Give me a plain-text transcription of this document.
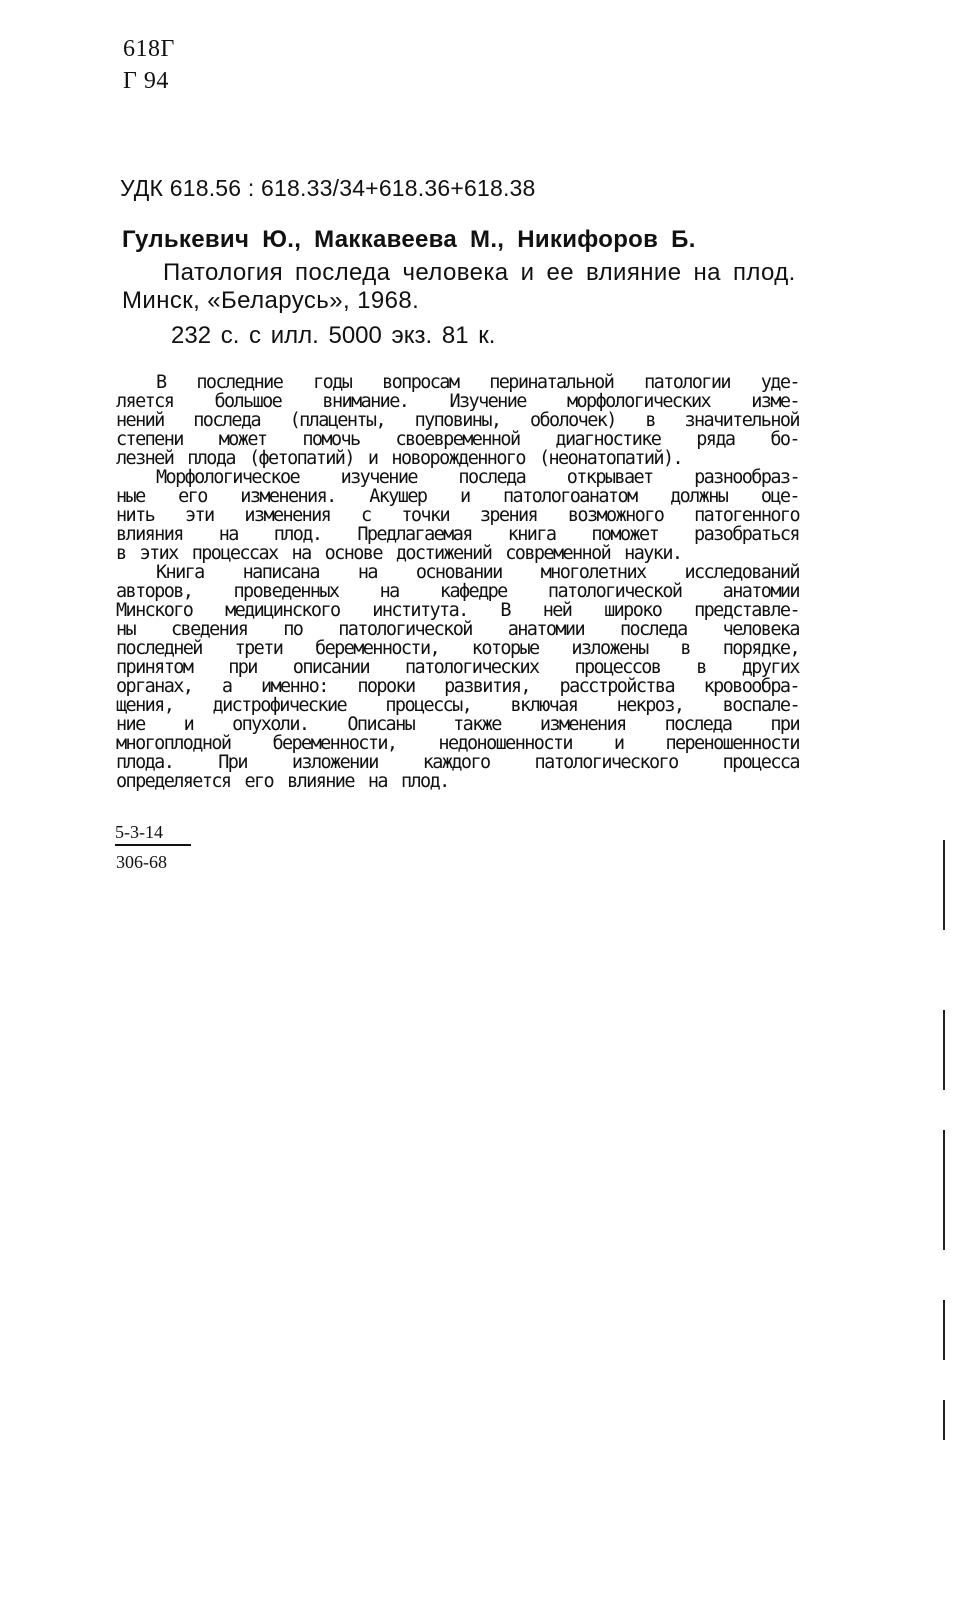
618Г
Г 94
УДК 618.56 : 618.33/34+618.36+618.38
Гулькевич Ю., Маккавеева М., Никифоров Б.
Патология последа человека и ее влияние на плод.
Минск, «Беларусь», 1968.
232 с. с илл. 5000 экз. 81 к.
В последние годы вопросам перинатальной патологии уде-
ляется большое внимание. Изучение морфологических изме-
нений последа (плаценты, пуповины, оболочек) в значительной
степени может помочь своевременной диагностике ряда бо-
лезней плода (фетопатий) и новорожденного (неонатопатий).
Морфологическое изучение последа открывает разнообраз-
ные его изменения. Акушер и патологоанатом должны оце-
нить эти изменения с точки зрения возможного патогенного
влияния на плод. Предлагаемая книга поможет разобраться
в этих процессах на основе достижений современной науки.
Книга написана на основании многолетних исследований
авторов, проведенных на кафедре патологической анатомии
Минского медицинского института. В ней широко представле-
ны сведения по патологической анатомии последа человека
последней трети беременности, которые изложены в порядке,
принятом при описании патологических процессов в других
органах, а именно: пороки развития, расстройства кровообра-
щения, дистрофические процессы, включая некроз, воспале-
ние и опухоли. Описаны также изменения последа при
многоплодной беременности, недоношенности и переношенности
плода. При изложении каждого патологического процесса
определяется его влияние на плод.
5-3-14
306-68
